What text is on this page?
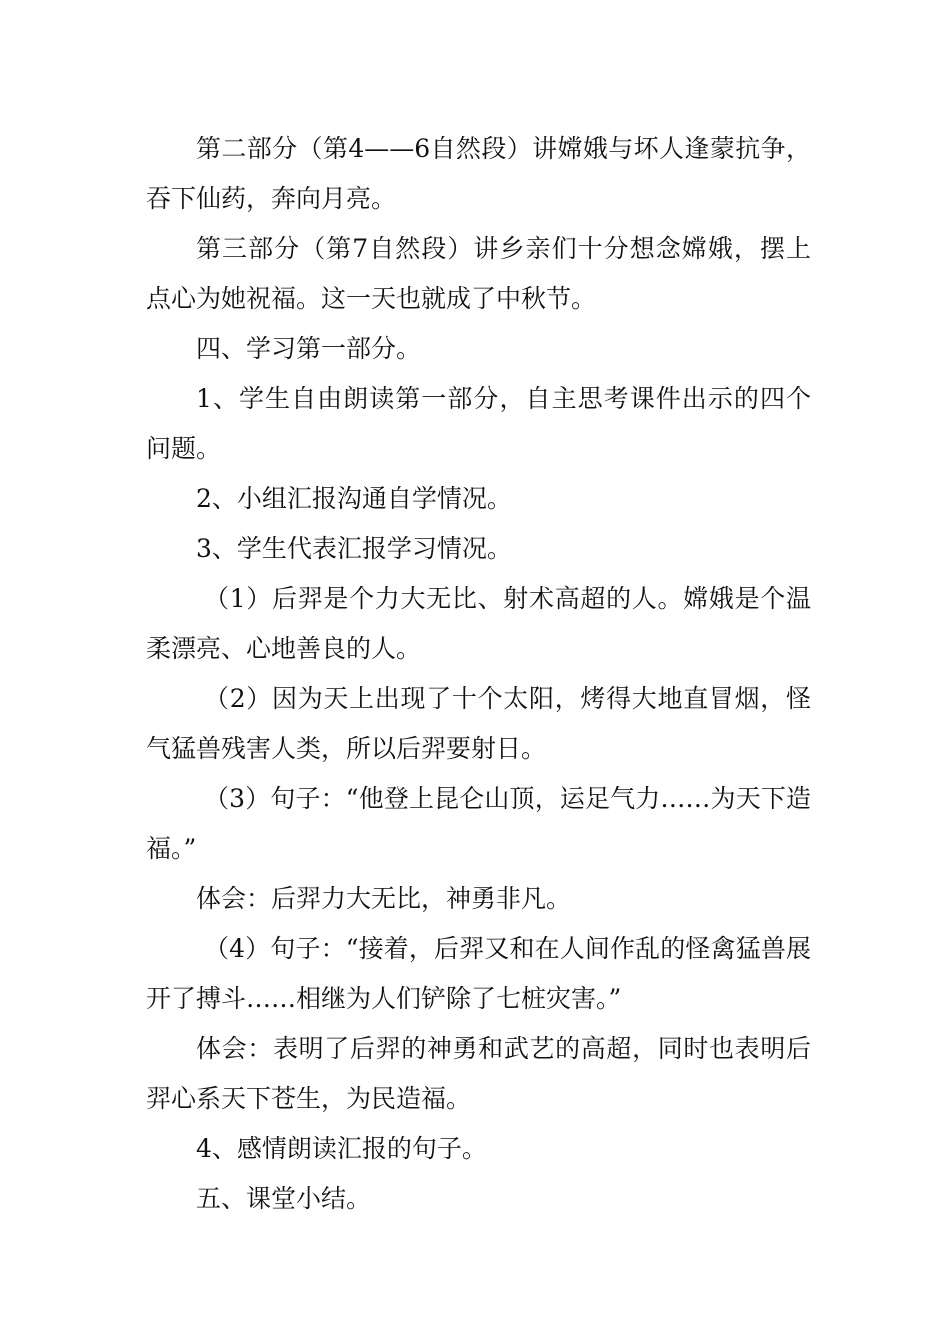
第二部分（第4——6自然段）讲嫦娥与坏人逢蒙抗争，吞下仙药，奔向月亮。

第三部分（第7自然段）讲乡亲们十分想念嫦娥，摆上点心为她祝福。这一天也就成了中秋节。

四、学习第一部分。

1、学生自由朗读第一部分，自主思考课件出示的四个问题。

2、小组汇报沟通自学情况。

3、学生代表汇报学习情况。

（1）后羿是个力大无比、射术高超的人。嫦娥是个温柔漂亮、心地善良的人。

（2）因为天上出现了十个太阳，烤得大地直冒烟，怪气猛兽残害人类，所以后羿要射日。

（3）句子：“他登上昆仑山顶，运足气力……为天下造福。”

体会：后羿力大无比，神勇非凡。

（4）句子：“接着，后羿又和在人间作乱的怪禽猛兽展开了搏斗……相继为人们铲除了七桩灾害。”

体会：表明了后羿的神勇和武艺的高超，同时也表明后羿心系天下苍生，为民造福。

4、感情朗读汇报的句子。

五、课堂小结。
